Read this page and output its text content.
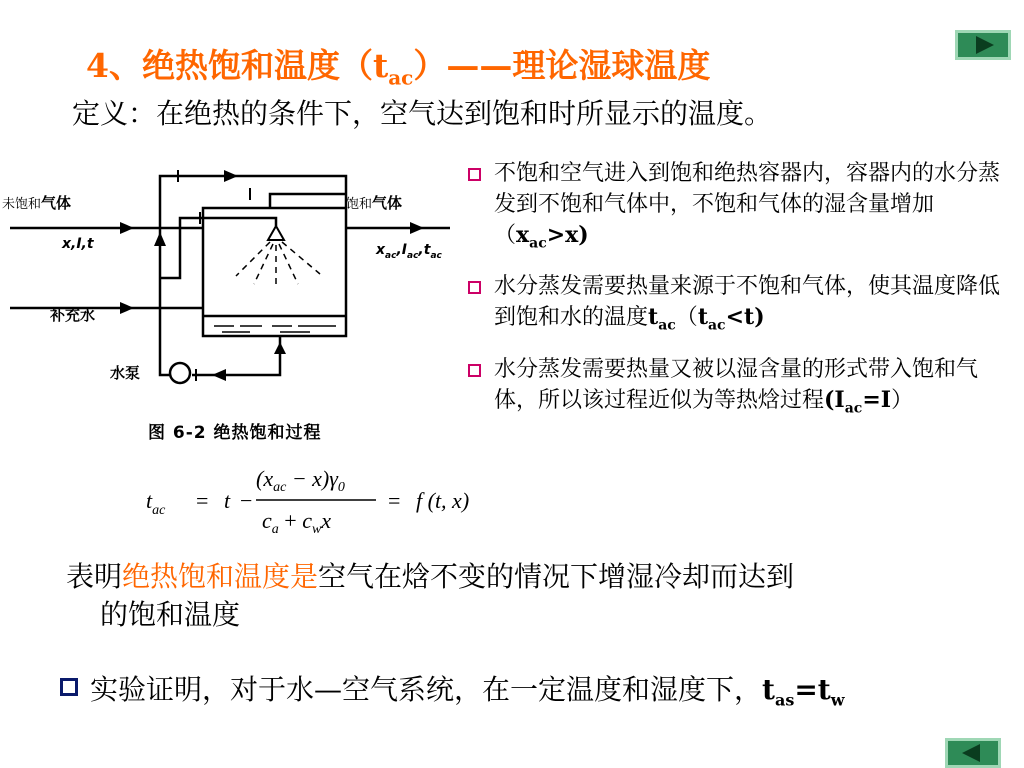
4、绝热饱和温度$(t_{ac})——$理论湿球温度
定义：在绝热的条件下，空气达到饱和时所显示的温度。
未饱和气体
x,I,t
饱和气体
$x_{ac},I_{ac},t_{ac}$
补充水
水泵
图 6-2 绝热饱和过程
$t_{ac} = t$ −
$(x_{ac} - x)\gamma_0$
$c_a + c_wx$
= f (t, x)
不饱和空气进入到饱和绝热容器内，容器内的水分蒸发到不饱和气体中，不饱和气体的湿含量增加$(x_{ac}>x)$
水分蒸发需要热量来源于不饱和气体，使其温度降低到饱和水的温度$t_{ac}(t_{ac}<t)$
水分蒸发需要热量又被以湿含量的形式带入饱和气体，所以该过程近似为等热焓过程$(I_{ac}=I)$
表明绝热饱和温度是空气在焓不变的情况下增湿冷却而达到
的饱和温度
实验证明，对于水—空气系统，在一定温度和湿度下，$t_{as}=t_w$
